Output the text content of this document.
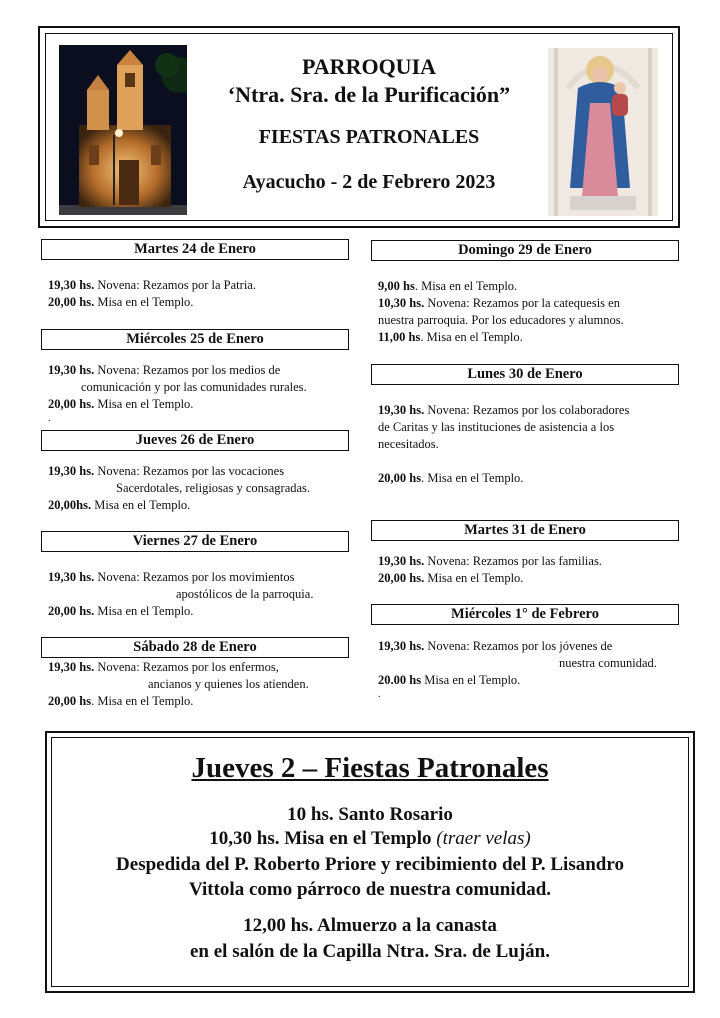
PARROQUIA
‘Ntra. Sra. de la Purificación”
FIESTAS PATRONALES
Ayacucho - 2 de Febrero 2023
Martes 24 de Enero
19,30 hs. Novena: Rezamos por la Patria.
20,00 hs. Misa en el Templo.
Miércoles 25 de Enero
19,30 hs. Novena: Rezamos por los medios de
comunicación y por las comunidades rurales.
20,00 hs. Misa en el Templo.
.
Jueves 26 de Enero
19,30 hs. Novena: Rezamos por las vocaciones
Sacerdotales, religiosas y consagradas.
20,00hs. Misa en el Templo.
Viernes 27 de Enero
19,30 hs. Novena: Rezamos por los movimientos
apostólicos de la parroquia.
20,00 hs. Misa en el Templo.
Sábado 28 de Enero
19,30 hs. Novena: Rezamos por los enfermos,
ancianos y quienes los atienden.
20,00 hs. Misa en el Templo.
Domingo 29 de Enero
9,00 hs. Misa en el Templo.
10,30 hs. Novena: Rezamos por la catequesis en
nuestra parroquia. Por los educadores y alumnos.
11,00 hs. Misa en el Templo.
Lunes 30 de Enero
19,30 hs. Novena: Rezamos por los colaboradores
de Caritas y las instituciones de asistencia a los
necesitados.
20,00 hs. Misa en el Templo.
Martes 31 de Enero
19,30 hs. Novena: Rezamos por las familias.
20,00 hs. Misa en el Templo.
Miércoles 1° de Febrero
19,30 hs. Novena: Rezamos por los jóvenes de
nuestra comunidad.
20.00 hs Misa en el Templo.
.
Jueves 2 – Fiestas Patronales
10 hs. Santo Rosario
10,30 hs. Misa en el Templo (traer velas)
Despedida del P. Roberto Priore y recibimiento del P. Lisandro
Vittola como párroco de nuestra comunidad.
12,00 hs. Almuerzo a la canasta
en el salón de la Capilla Ntra. Sra. de Luján.
